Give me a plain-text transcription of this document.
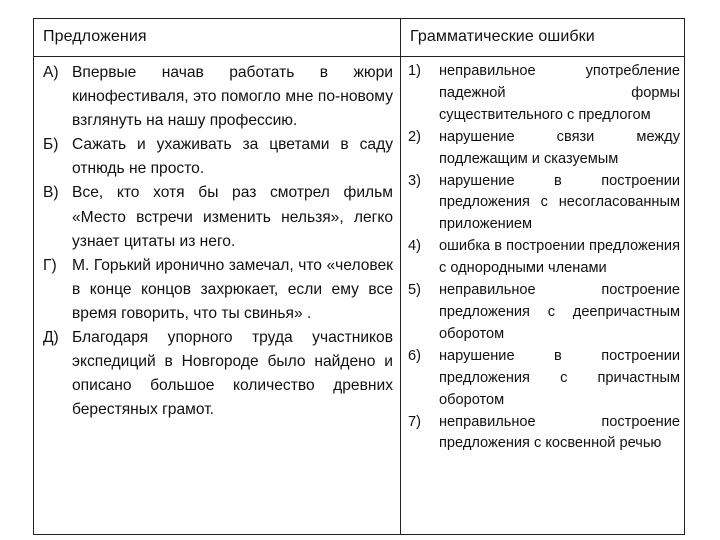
Предложения	Грамматические ошибки
А) Впервые начав работать в жюри кинофестиваля, это помогло мне по-новому взглянуть на нашу профессию.
Б) Сажать и ухаживать за цветами в саду отнюдь не просто.
В) Все, кто хотя бы раз смотрел фильм «Место встречи изменить нельзя», легко узнает цитаты из него.
Г) М. Горький иронично замечал, что «человек в конце концов захрюкает, если ему все время говорить, что ты свинья» .
Д) Благодаря упорного труда участников экспедиций в Новгороде было найдено и описано большое количество древних берестяных грамот.
1) неправильное употребление падежной формы существительного с предлогом
2) нарушение связи между подлежащим и сказуемым
3) нарушение в построении предложения с несогласованным приложением
4) ошибка в построении предложения с однородными членами
5) неправильное построение предложения с деепричастным оборотом
6) нарушение в построении предложения с причастным оборотом
7) неправильное построение предложения с косвенной речью
